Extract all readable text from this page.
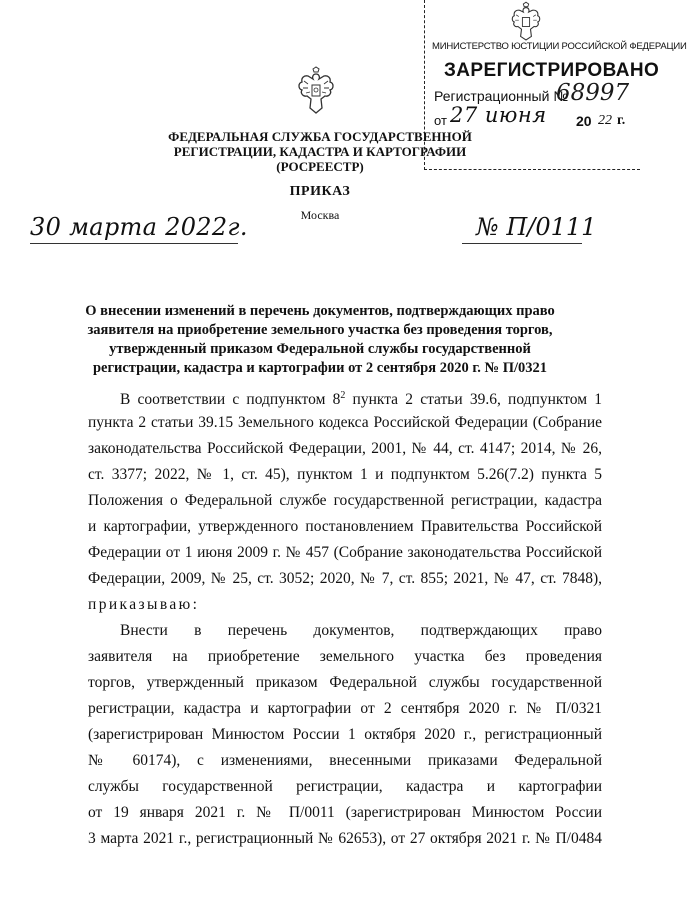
МИНИСТЕРСТВО ЮСТИЦИИ РОССИЙСКОЙ ФЕДЕРАЦИИ
ЗАРЕГИСТРИРОВАНО
Регистрационный №
68997
от 27 июня 20 22 г.
ФЕДЕРАЛЬНАЯ СЛУЖБА ГОСУДАРСТВЕННОЙ
РЕГИСТРАЦИИ, КАДАСТРА И КАРТОГРАФИИ
(РОСРЕЕСТР)
ПРИКАЗ
Москва
30 марта 2022г.	№ П/0111
О внесении изменений в перечень документов, подтверждающих право
заявителя на приобретение земельного участка без проведения торгов,
утвержденный приказом Федеральной службы государственной
регистрации, кадастра и картографии от 2 сентября 2020 г. № П/0321
В соответствии с подпунктом $8^2$ пункта 2 статьи 39.6, подпунктом 1
пункта 2 статьи 39.15 Земельного кодекса Российской Федерации (Собрание
законодательства Российской Федерации, 2001, № 44, ст. 4147; 2014, № 26,
ст. 3377; 2022, № 1, ст. 45), пунктом 1 и подпунктом 5.26(7.2) пункта 5
Положения о Федеральной службе государственной регистрации, кадастра
и картографии, утвержденного постановлением Правительства Российской
Федерации от 1 июня 2009 г. № 457 (Собрание законодательства Российской
Федерации, 2009, № 25, ст. 3052; 2020, № 7, ст. 855; 2021, № 47, ст. 7848),
приказываю:
Внести в перечень документов, подтверждающих право
заявителя на приобретение земельного участка без проведения
торгов, утвержденный приказом Федеральной службы государственной
регистрации, кадастра и картографии от 2 сентября 2020 г. № П/0321
(зарегистрирован Минюстом России 1 октября 2020 г., регистрационный
№ 60174), с изменениями, внесенными приказами Федеральной
службы государственной регистрации, кадастра и картографии
от 19 января 2021 г. № П/0011 (зарегистрирован Минюстом России
3 марта 2021 г., регистрационный № 62653), от 27 октября 2021 г. № П/0484
